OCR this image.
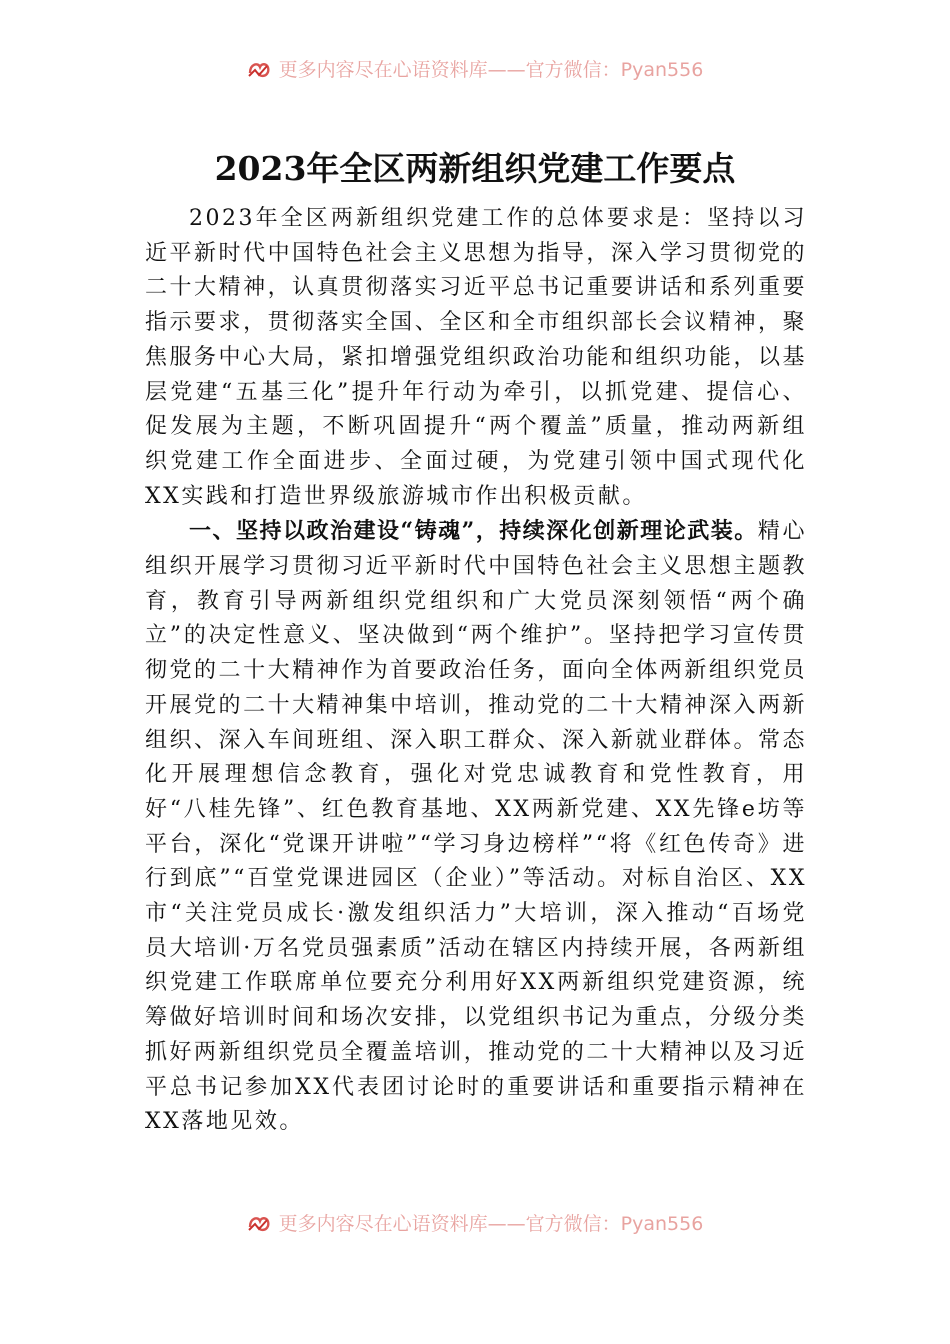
更多内容尽在心语资料库——官方微信：Pyan556
2023年全区两新组织党建工作要点

2023年全区两新组织党建工作的总体要求是：坚持以习近平新时代中国特色社会主义思想为指导，深入学习贯彻党的二十大精神，认真贯彻落实习近平总书记重要讲话和系列重要指示要求，贯彻落实全国、全区和全市组织部长会议精神，聚焦服务中心大局，紧扣增强党组织政治功能和组织功能，以基层党建“五基三化”提升年行动为牵引，以抓党建、提信心、促发展为主题，不断巩固提升“两个覆盖”质量，推动两新组织党建工作全面进步、全面过硬，为党建引领中国式现代化XX实践和打造世界级旅游城市作出积极贡献。

一、坚持以政治建设“铸魂”，持续深化创新理论武装。精心组织开展学习贯彻习近平新时代中国特色社会主义思想主题教育，教育引导两新组织党组织和广大党员深刻领悟“两个确立”的决定性意义、坚决做到“两个维护”。坚持把学习宣传贯彻党的二十大精神作为首要政治任务，面向全体两新组织党员开展党的二十大精神集中培训，推动党的二十大精神深入两新组织、深入车间班组、深入职工群众、深入新就业群体。常态化开展理想信念教育，强化对党忠诚教育和党性教育，用好“八桂先锋”、红色教育基地、XX两新党建、XX先锋e坊等平台，深化“党课开讲啦”“学习身边榜样”“将《红色传奇》进行到底”“百堂党课进园区（企业）”等活动。对标自治区、XX市“关注党员成长·激发组织活力”大培训，深入推动“百场党员大培训·万名党员强素质”活动在辖区内持续开展，各两新组织党建工作联席单位要充分利用好XX两新组织党建资源，统筹做好培训时间和场次安排，以党组织书记为重点，分级分类抓好两新组织党员全覆盖培训，推动党的二十大精神以及习近平总书记参加XX代表团讨论时的重要讲话和重要指示精神在XX落地见效。

更多内容尽在心语资料库——官方微信：Pyan556
